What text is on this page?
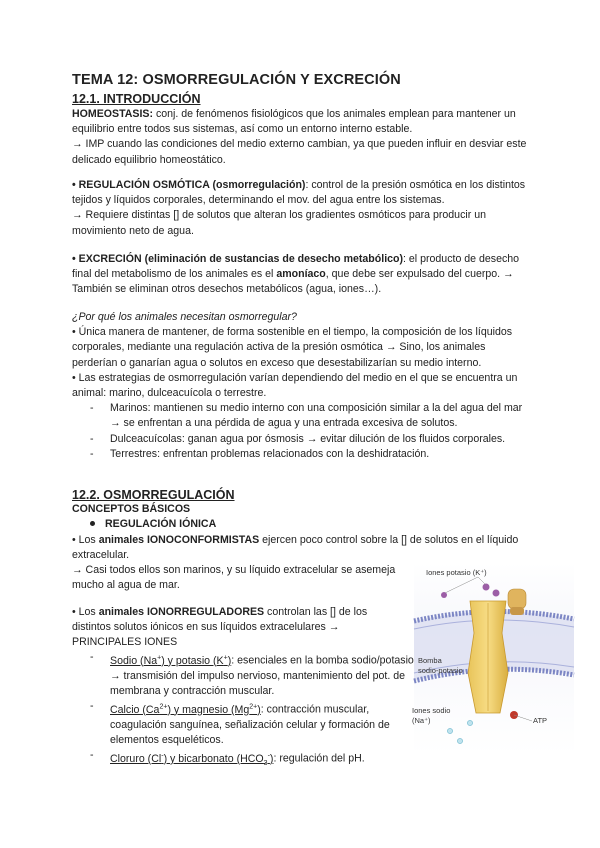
TEMA 12: OSMORREGULACIÓN Y EXCRECIÓN
12.1. INTRODUCCIÓN
HOMEOSTASIS: conj. de fenómenos fisiológicos que los animales emplean para mantener un equilibrio entre todos sus sistemas, así como un entorno interno estable.
→ IMP cuando las condiciones del medio externo cambian, ya que pueden influir en desviar este delicado equilibrio homeostático.
• REGULACIÓN OSMÓTICA (osmorregulación): control de la presión osmótica en los distintos tejidos y líquidos corporales, determinando el mov. del agua entre los sistemas.
→ Requiere distintas [] de solutos que alteran los gradientes osmóticos para producir un movimiento neto de agua.
• EXCRECIÓN (eliminación de sustancias de desecho metabólico): el producto de desecho final del metabolismo de los animales es el amoníaco, que debe ser expulsado del cuerpo. → También se eliminan otros desechos metabólicos (agua, iones…).
¿Por qué los animales necesitan osmorregular?
• Única manera de mantener, de forma sostenible en el tiempo, la composición de los líquidos corporales, mediante una regulación activa de la presión osmótica → Sino, los animales perderían o ganarían agua o solutos en exceso que desestabilizarían su medio interno.
• Las estrategias de osmorregulación varían dependiendo del medio en el que se encuentra un animal: marino, dulceacuícola o terrestre.
- Marinos: mantienen su medio interno con una composición similar a la del agua del mar → se enfrentan a una pérdida de agua y una entrada excesiva de solutos.
- Dulceacuícolas: ganan agua por ósmosis → evitar dilución de los fluidos corporales.
- Terrestres: enfrentan problemas relacionados con la deshidratación.
12.2. OSMORREGULACIÓN
CONCEPTOS BÁSICOS
REGULACIÓN IÓNICA
• Los animales IONOCONFORMISTAS ejercen poco control sobre la [] de solutos en el líquido extracelular.
→ Casi todos ellos son marinos, y su líquido extracelular se asemeja mucho al agua de mar.
• Los animales IONORREGULADORES controlan las [] de los distintos solutos iónicos en sus líquidos extracelulares →
PRINCIPALES IONES
- Sodio (Na+) y potasio (K+): esenciales en la bomba sodio/potasio → transmisión del impulso nervioso, mantenimiento del pot. de membrana y contracción muscular.
- Calcio $(Ca^{2+})$ y magnesio $(Mg^{2+})$: contracción muscular, coagulación sanguínea, señalización celular y formación de elementos esqueléticos.
- Cloruro (Cl-) y bicarbonato $(HCO_3^-)$: regulación del pH.
Iones potasio (K⁺)
Bomba
sodio-potasio
Iones sodio
(Na⁺)	ATP
